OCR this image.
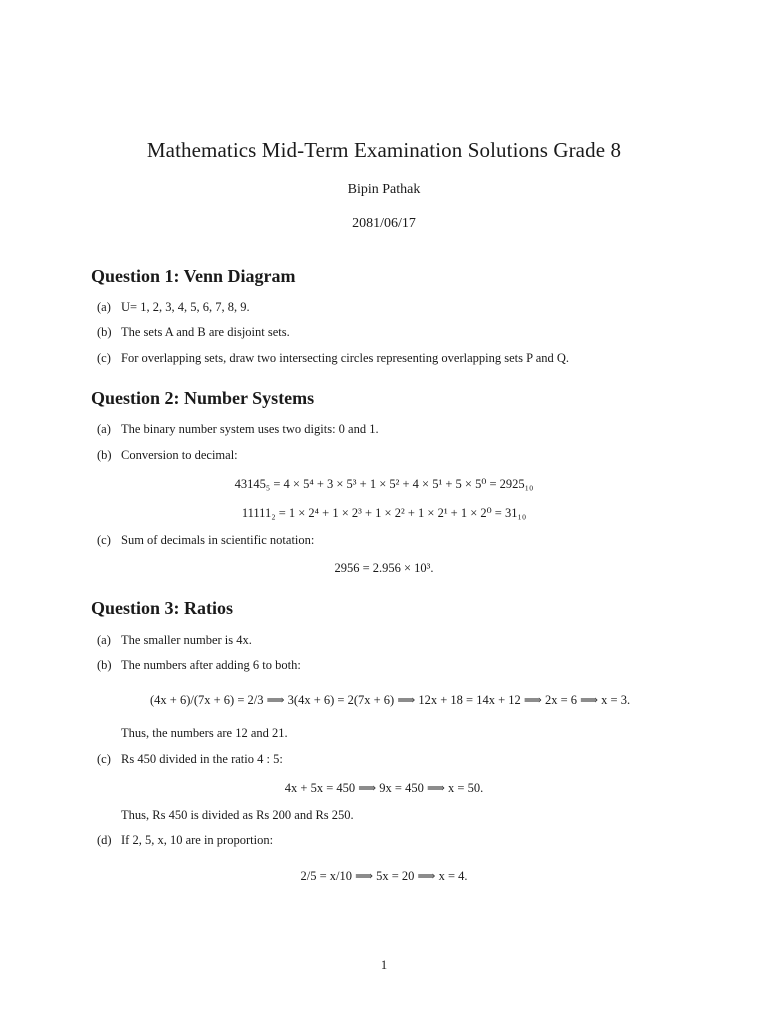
Mathematics Mid-Term Examination Solutions Grade 8
Bipin Pathak
2081/06/17
Question 1: Venn Diagram
(a) U= 1, 2, 3, 4, 5, 6, 7, 8, 9.
(b) The sets A and B are disjoint sets.
(c) For overlapping sets, draw two intersecting circles representing overlapping sets P and Q.
Question 2: Number Systems
(a) The binary number system uses two digits: 0 and 1.
(b) Conversion to decimal:
43145₅ = 4 × 5⁴ + 3 × 5³ + 1 × 5² + 4 × 5¹ + 5 × 5⁰ = 2925₁₀
11111₂ = 1 × 2⁴ + 1 × 2³ + 1 × 2² + 1 × 2¹ + 1 × 2⁰ = 31₁₀
(c) Sum of decimals in scientific notation:
2956 = 2.956 × 10³.
Question 3: Ratios
(a) The smaller number is 4x.
(b) The numbers after adding 6 to both:
(4x + 6)/(7x + 6) = 2/3 ⟹ 3(4x + 6) = 2(7x + 6) ⟹ 12x + 18 = 14x + 12 ⟹ 2x = 6 ⟹ x = 3.
Thus, the numbers are 12 and 21.
(c) Rs 450 divided in the ratio 4 : 5:
4x + 5x = 450 ⟹ 9x = 450 ⟹ x = 50.
Thus, Rs 450 is divided as Rs 200 and Rs 250.
(d) If 2, 5, x, 10 are in proportion:
2/5 = x/10 ⟹ 5x = 20 ⟹ x = 4.
1
